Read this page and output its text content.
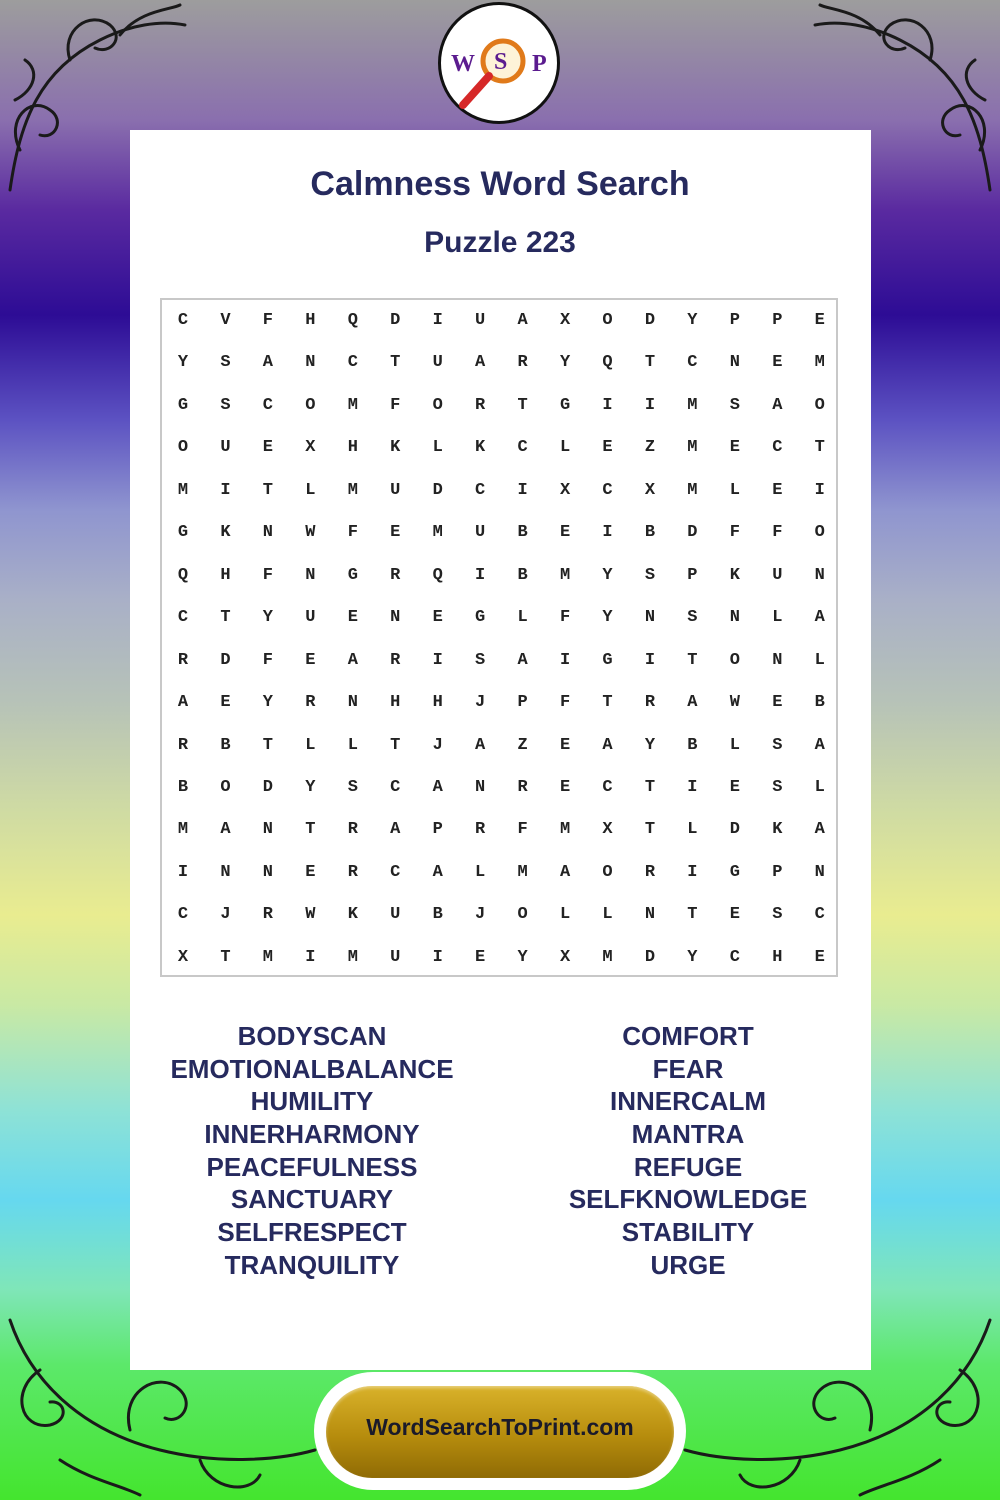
W S P
Calmness Word Search
Puzzle 223
C	V	F	H	Q	D	I	U	A	X	O	D	Y	P	P	E
Y	S	A	N	C	T	U	A	R	Y	Q	T	C	N	E	M
G	S	C	O	M	F	O	R	T	G	I	I	M	S	A	O
O	U	E	X	H	K	L	K	C	L	E	Z	M	E	C	T
M	I	T	L	M	U	D	C	I	X	C	X	M	L	E	I
G	K	N	W	F	E	M	U	B	E	I	B	D	F	F	O
Q	H	F	N	G	R	Q	I	B	M	Y	S	P	K	U	N
C	T	Y	U	E	N	E	G	L	F	Y	N	S	N	L	A
R	D	F	E	A	R	I	S	A	I	G	I	T	O	N	L
A	E	Y	R	N	H	H	J	P	F	T	R	A	W	E	B
R	B	T	L	L	T	J	A	Z	E	A	Y	B	L	S	A
B	O	D	Y	S	C	A	N	R	E	C	T	I	E	S	L
M	A	N	T	R	A	P	R	F	M	X	T	L	D	K	A
I	N	N	E	R	C	A	L	M	A	O	R	I	G	P	N
C	J	R	W	K	U	B	J	O	L	L	N	T	E	S	C
X	T	M	I	M	U	I	E	Y	X	M	D	Y	C	H	E
BODYSCAN
EMOTIONALBALANCE
HUMILITY
INNERHARMONY
PEACEFULNESS
SANCTUARY
SELFRESPECT
TRANQUILITY
COMFORT
FEAR
INNERCALM
MANTRA
REFUGE
SELFKNOWLEDGE
STABILITY
URGE
WordSearchToPrint.com
